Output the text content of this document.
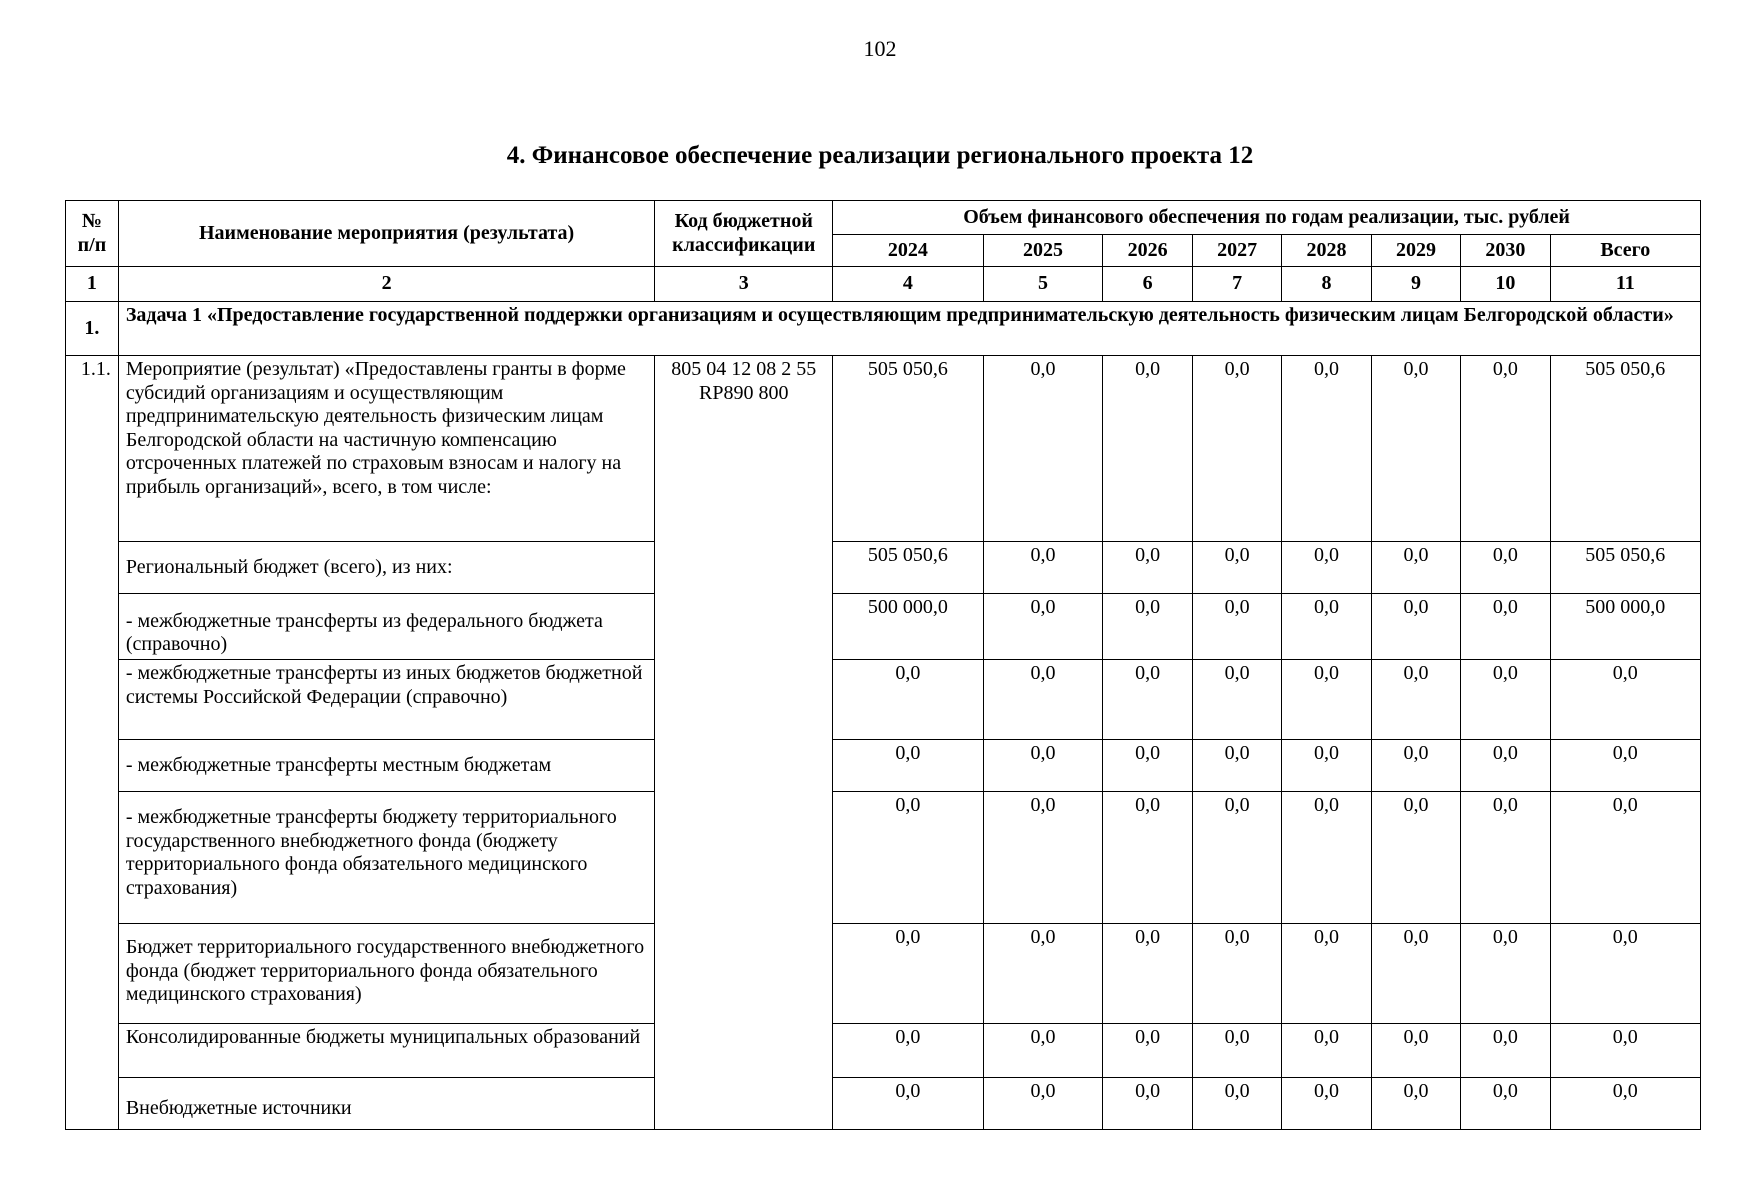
102
4. Финансовое обеспечение реализации регионального проекта 12
№ п/п	Наименование мероприятия (результата)	Код бюджетной классификации	Объем финансового обеспечения по годам реализации, тыс. рублей							
			2024	2025	2026	2027	2028	2029	2030	Всего
1	2	3	4	5	6	7	8	9	10	11
1.	Задача 1 «Предоставление государственной поддержки организациям и осуществляющим предпринимательскую деятельность физическим лицам Белгородской области»									
1.1.	Мероприятие (результат) «Предоставлены гранты в форме субсидий организациям и осуществляющим предпринимательскую деятельность физическим лицам Белгородской области на частичную компенсацию отсроченных платежей по страховым взносам и налогу на прибыль организаций», всего, в том числе:	805 04 12 08 2 55 RP890 800	505 050,6	0,0	0,0	0,0	0,0	0,0	0,0	505 050,6
	Региональный бюджет (всего), из них:		505 050,6	0,0	0,0	0,0	0,0	0,0	0,0	505 050,6
	- межбюджетные трансферты из федерального бюджета (справочно)		500 000,0	0,0	0,0	0,0	0,0	0,0	0,0	500 000,0
	- межбюджетные трансферты из иных бюджетов бюджетной системы Российской Федерации (справочно)		0,0	0,0	0,0	0,0	0,0	0,0	0,0	0,0
	- межбюджетные трансферты местным бюджетам		0,0	0,0	0,0	0,0	0,0	0,0	0,0	0,0
	- межбюджетные трансферты бюджету территориального государственного внебюджетного фонда (бюджету территориального фонда обязательного медицинского страхования)		0,0	0,0	0,0	0,0	0,0	0,0	0,0	0,0
	Бюджет территориального государственного внебюджетного фонда (бюджет территориального фонда обязательного медицинского страхования)		0,0	0,0	0,0	0,0	0,0	0,0	0,0	0,0
	Консолидированные бюджеты муниципальных образований		0,0	0,0	0,0	0,0	0,0	0,0	0,0	0,0
	Внебюджетные источники		0,0	0,0	0,0	0,0	0,0	0,0	0,0	0,0
